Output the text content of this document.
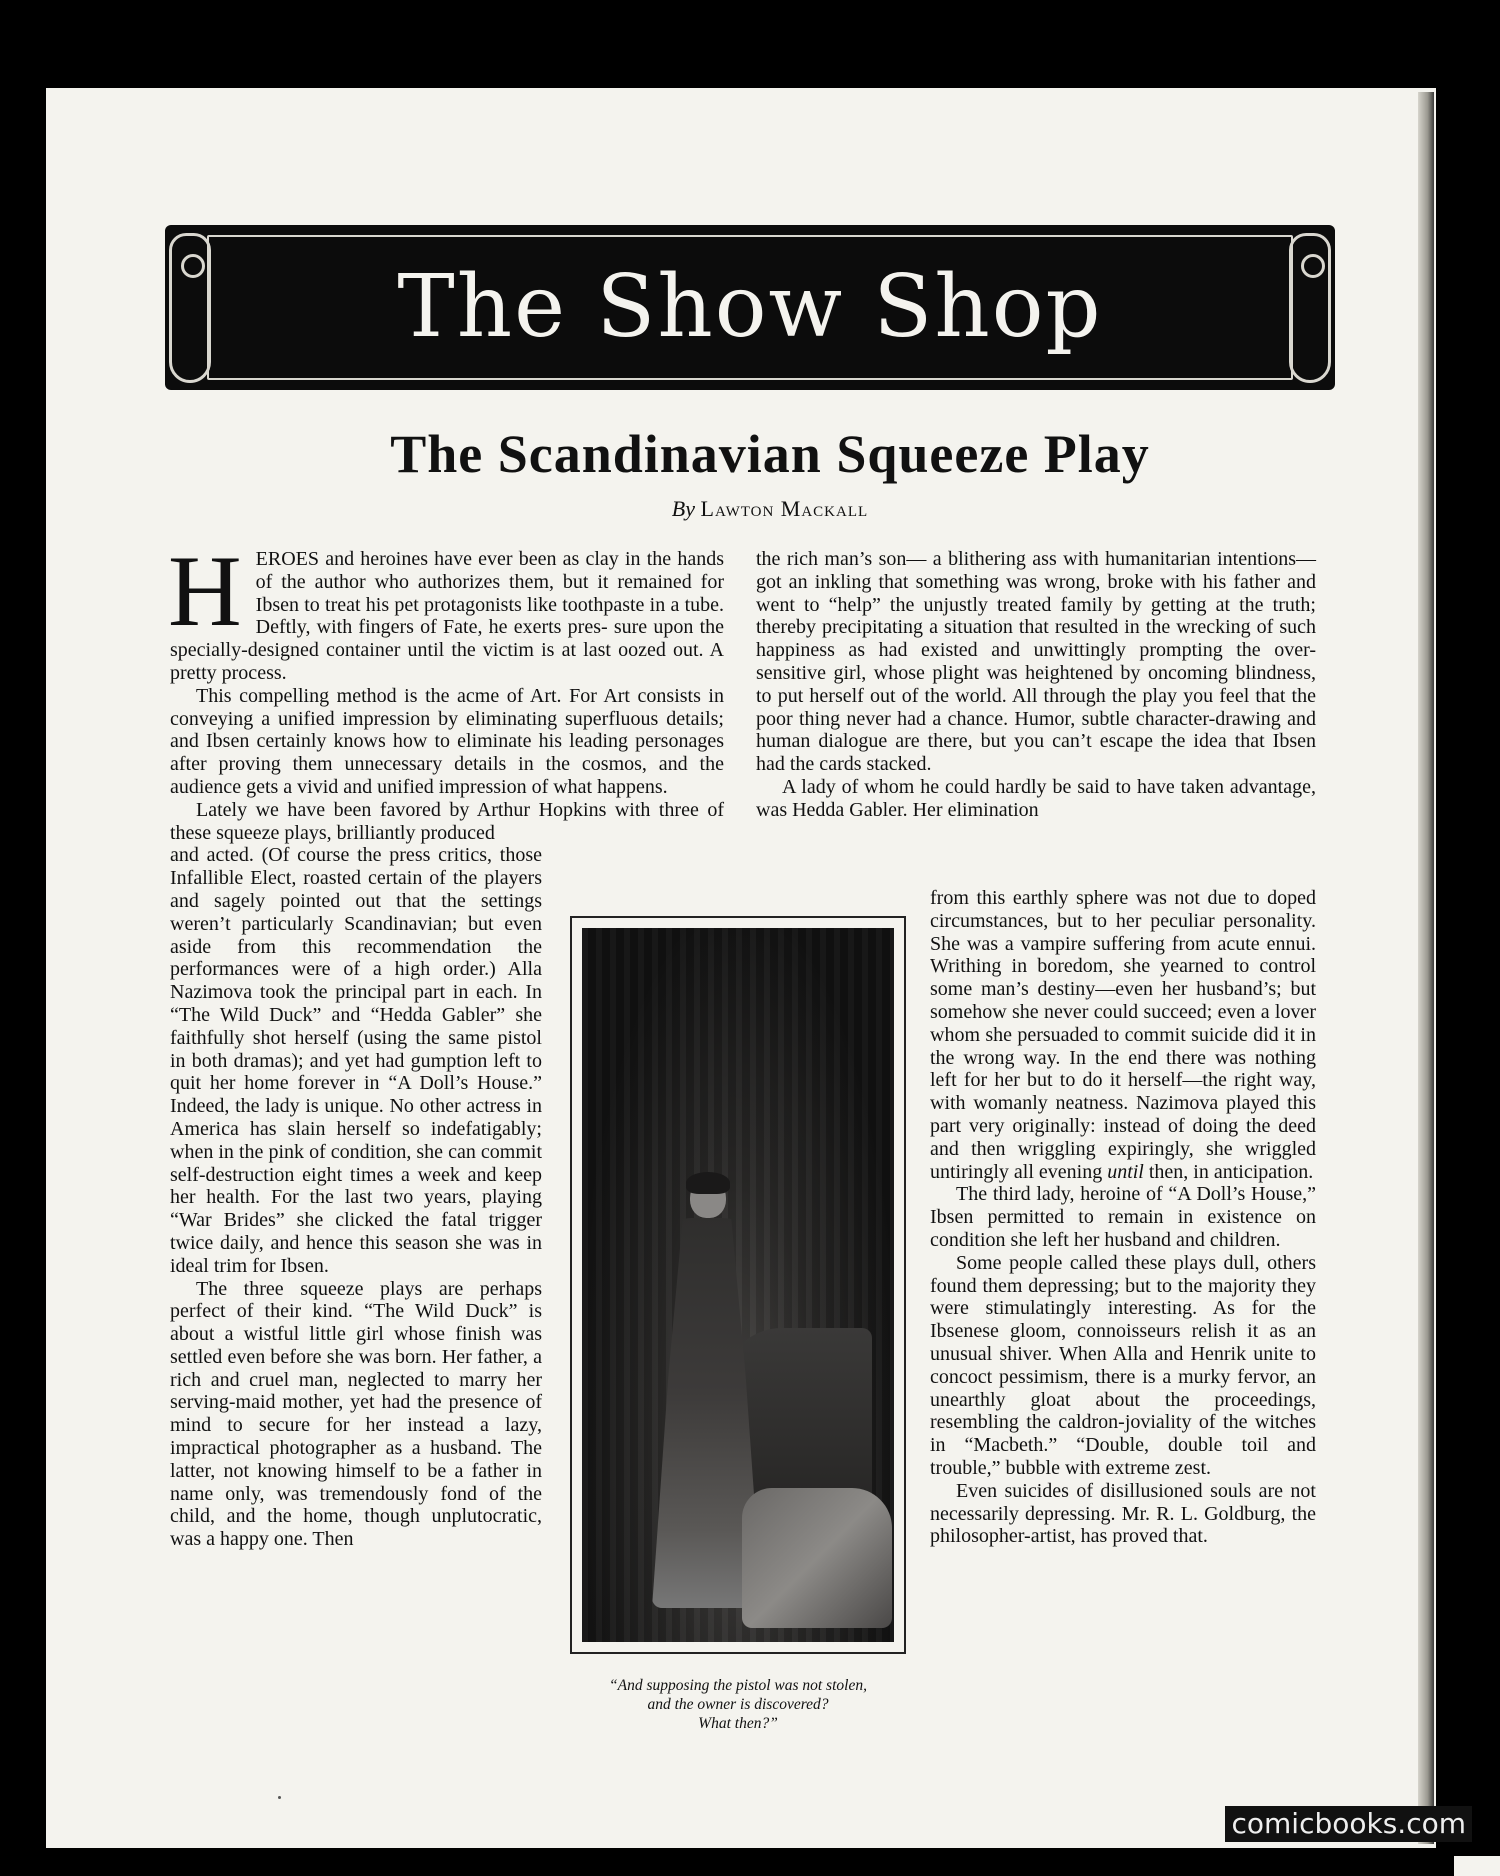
The Show Shop
The Scandinavian Squeeze Play
By Lawton Mackall

HEROES and heroines have ever been as clay in the hands of the author who authorizes them, but it remained for Ibsen to treat his pet protagonists like toothpaste in a tube. Deftly, with fingers of Fate, he exerts pres- sure upon the specially-designed container until the victim is at last oozed out. A pretty process.

This compelling method is the acme of Art. For Art consists in conveying a unified impression by eliminating superfluous details; and Ibsen certainly knows how to eliminate his leading personages after proving them unnecessary details in the cosmos, and the audience gets a vivid and unified impression of what happens.

Lately we have been favored by Arthur Hopkins with three of these squeeze plays, brilliantly produced

and acted. (Of course the press critics, those Infallible Elect, roasted certain of the players and sagely pointed out that the settings weren’t particularly Scandinavian; but even aside from this recommendation the performances were of a high order.) Alla Nazimova took the principal part in each. In “The Wild Duck” and “Hedda Gabler” she faithfully shot herself (using the same pistol in both dramas); and yet had gumption left to quit her home forever in “A Doll’s House.” Indeed, the lady is unique. No other actress in America has slain herself so indefatigably; when in the pink of condition, she can commit self-destruction eight times a week and keep her health. For the last two years, playing “War Brides” she clicked the fatal trigger twice daily, and hence this season she was in ideal trim for Ibsen.

The three squeeze plays are perhaps perfect of their kind. “The Wild Duck” is about a wistful little girl whose finish was settled even before she was born. Her father, a rich and cruel man, neglected to marry her serving-maid mother, yet had the presence of mind to secure for her instead a lazy, impractical photographer as a husband. The latter, not knowing himself to be a father in name only, was tremendously fond of the child, and the home, though unplutocratic, was a happy one. Then

the rich man’s son— a blithering ass with humanitarian intentions—got an inkling that something was wrong, broke with his father and went to “help” the unjustly treated family by getting at the truth; thereby precipitating a situation that resulted in the wrecking of such happiness as had existed and unwittingly prompting the over-sensitive girl, whose plight was heightened by oncoming blindness, to put herself out of the world. All through the play you feel that the poor thing never had a chance. Humor, subtle character-drawing and human dialogue are there, but you can’t escape the idea that Ibsen had the cards stacked.

A lady of whom he could hardly be said to have taken advantage, was Hedda Gabler. Her elimination

from this earthly sphere was not due to doped circumstances, but to her peculiar personality. She was a vampire suffering from acute ennui. Writhing in boredom, she yearned to control some man’s destiny—even her husband’s; but somehow she never could succeed; even a lover whom she persuaded to commit suicide did it in the wrong way. In the end there was nothing left for her but to do it herself—the right way, with womanly neatness. Nazimova played this part very originally: instead of doing the deed and then wriggling expiringly, she wriggled untiringly all evening until then, in anticipation.

The third lady, heroine of “A Doll’s House,” Ibsen permitted to remain in existence on condition she left her husband and children.

Some people called these plays dull, others found them depressing; but to the majority they were stimulatingly interesting. As for the Ibsenese gloom, connoisseurs relish it as an unusual shiver. When Alla and Henrik unite to concoct pessimism, there is a murky fervor, an unearthly gloat about the proceedings, resembling the caldron-joviality of the witches in “Macbeth.” “Double, double toil and trouble,” bubble with extreme zest.

Even suicides of disillusioned souls are not necessarily depressing. Mr. R. L. Goldburg, the philosopher-artist, has proved that.

“And supposing the pistol was not stolen,
and the owner is discovered?
What then?”
comicbooks.com
